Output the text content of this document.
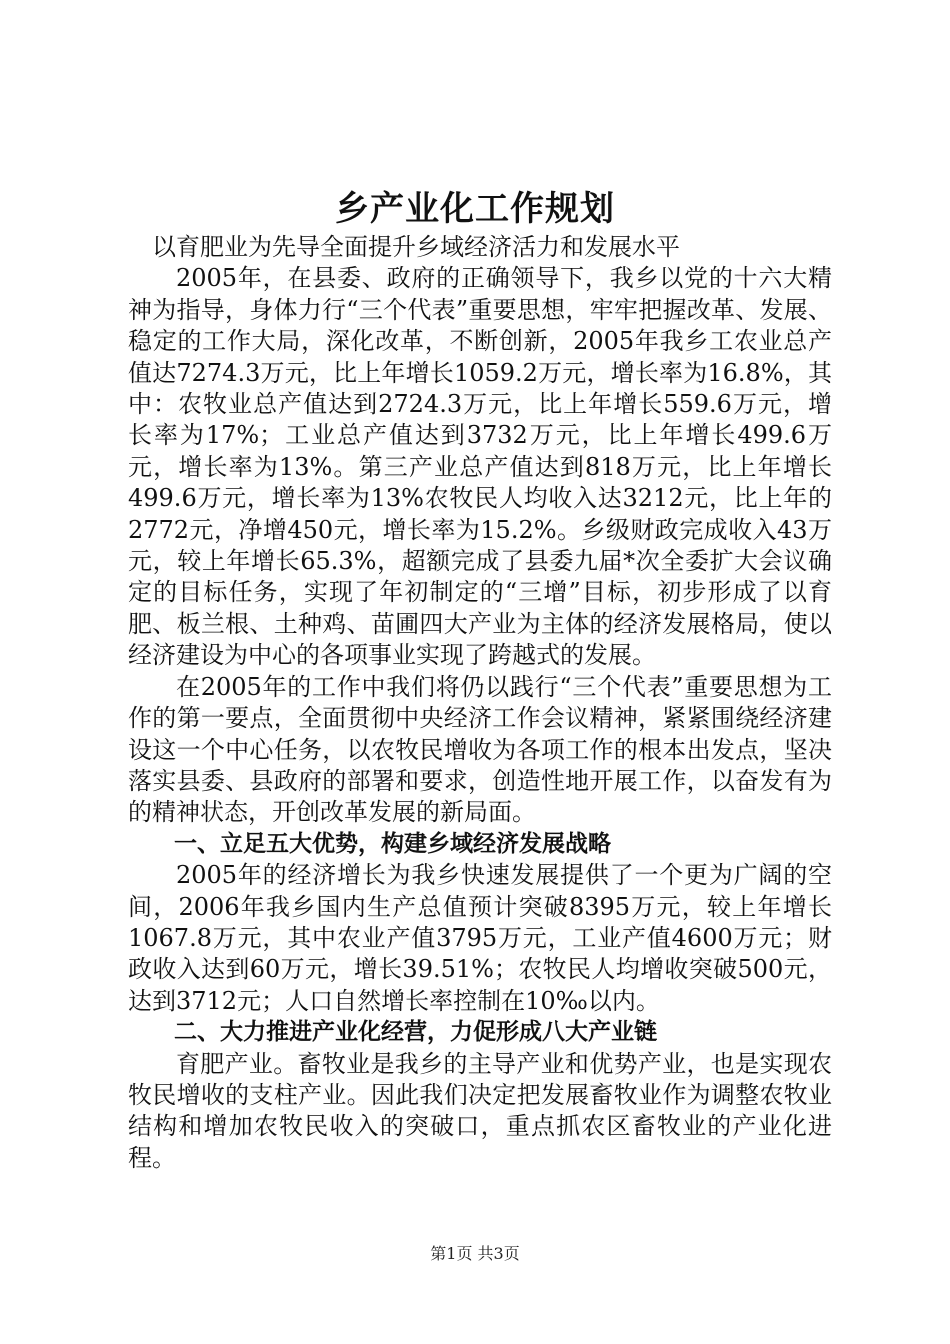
乡产业化工作规划

以育肥业为先导全面提升乡域经济活力和发展水平

2005年，在县委、政府的正确领导下，我乡以党的十六大精神为指导，身体力行“三个代表”重要思想，牢牢把握改革、发展、稳定的工作大局，深化改革，不断创新，2005年我乡工农业总产值达7274.3万元，比上年增长1059.2万元，增长率为16.8%，其中：农牧业总产值达到2724.3万元，比上年增长559.6万元，增长率为17%；工业总产值达到3732万元，比上年增长499.6万元，增长率为13%。第三产业总产值达到818万元，比上年增长499.6万元，增长率为13%农牧民人均收入达3212元，比上年的2772元，净增450元，增长率为15.2%。乡级财政完成收入43万元，较上年增长65.3%，超额完成了县委九届*次全委扩大会议确定的目标任务，实现了年初制定的“三增”目标，初步形成了以育肥、板兰根、土种鸡、苗圃四大产业为主体的经济发展格局，使以经济建设为中心的各项事业实现了跨越式的发展。

在2005年的工作中我们将仍以践行“三个代表”重要思想为工作的第一要点，全面贯彻中央经济工作会议精神，紧紧围绕经济建设这一个中心任务，以农牧民增收为各项工作的根本出发点，坚决落实县委、县政府的部署和要求，创造性地开展工作，以奋发有为的精神状态，开创改革发展的新局面。

一、立足五大优势，构建乡域经济发展战略

2005年的经济增长为我乡快速发展提供了一个更为广阔的空间，2006年我乡国内生产总值预计突破8395万元，较上年增长1067.8万元，其中农业产值3795万元，工业产值4600万元；财政收入达到60万元，增长39.51%；农牧民人均增收突破500元，达到3712元；人口自然增长率控制在10‰以内。

二、大力推进产业化经营，力促形成八大产业链

育肥产业。畜牧业是我乡的主导产业和优势产业，也是实现农牧民增收的支柱产业。因此我们决定把发展畜牧业作为调整农牧业结构和增加农牧民收入的突破口，重点抓农区畜牧业的产业化进程。

第1页 共3页
